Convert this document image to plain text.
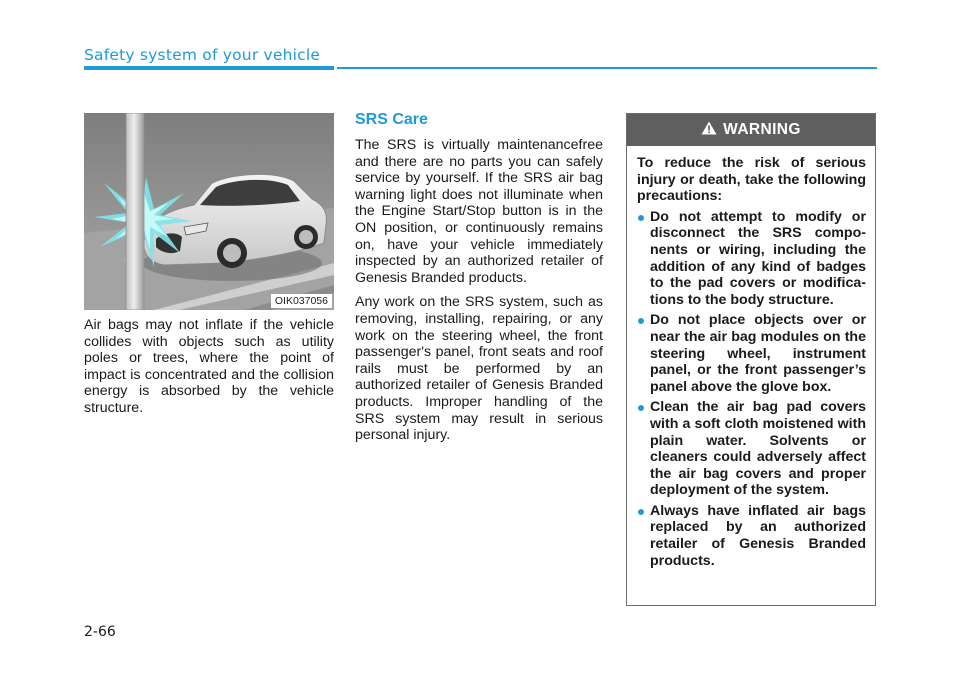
Safety system of your vehicle
OIK037056

Air bags may not inflate if the vehicle collides with objects such as utility poles or trees, where the point of impact is concentrated and the collision energy is absorbed by the vehicle structure.

SRS Care

The SRS is virtually maintenancefree and there are no parts you can safely service by yourself. If the SRS air bag warning light does not illuminate when the Engine Start/Stop button is in the ON position, or continuously remains on, have your vehicle immediately inspected by an authorized retailer of Genesis Branded products.

Any work on the SRS system, such as removing, installing, repairing, or any work on the steering wheel, the front passenger's panel, front seats and roof rails must be performed by an authorized retailer of Genesis Branded products. Improper handling of the SRS system may result in serious personal injury.

WARNING

To reduce the risk of serious injury or death, take the following precautions:

Do not attempt to modify or disconnect the SRS components or wiring, including the addition of any kind of badges to the pad covers or modifications to the body structure.
Do not place objects over or near the air bag modules on the steering wheel, instrument panel, or the front passenger’s panel above the glove box.
Clean the air bag pad covers with a soft cloth moistened with plain water. Solvents or cleaners could adversely affect the air bag covers and proper deployment of the system.
Always have inflated air bags replaced by an authorized retailer of Genesis Branded products.
2-66
